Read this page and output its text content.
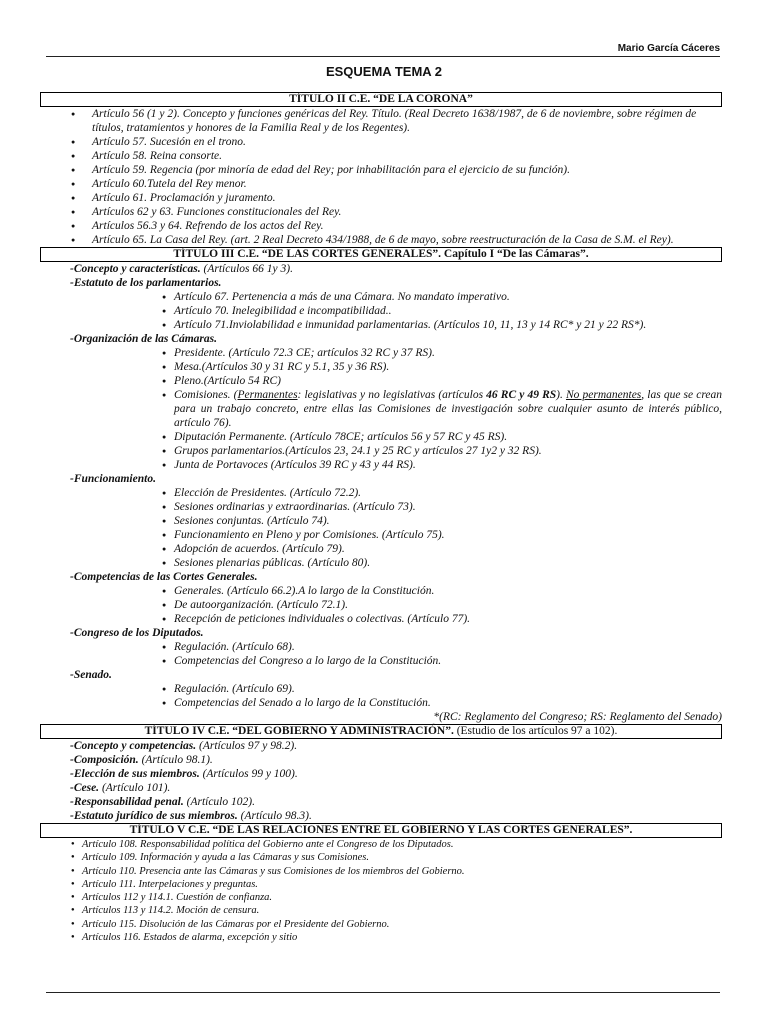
Mario García Cáceres
ESQUEMA TEMA 2
TÍTULO II C.E. “DE LA CORONA”
● Artículo 56 (1 y 2). Concepto y funciones genéricas del Rey. Título. (Real Decreto 1638/1987, de 6 de noviembre, sobre régimen de títulos, tratamientos y honores de la Familia Real y de los Regentes).
● Artículo 57. Sucesión en el trono.
● Artículo 58. Reina consorte.
● Artículo 59. Regencia (por minoría de edad del Rey; por inhabilitación para el ejercicio de su función).
● Artículo 60.Tutela del Rey menor.
● Artículo 61. Proclamación y juramento.
● Artículos 62 y 63. Funciones constitucionales del Rey.
● Artículos 56.3 y 64. Refrendo de los actos del Rey.
● Artículo 65. La Casa del Rey. (art. 2 Real Decreto 434/1988, de 6 de mayo, sobre reestructuración de la Casa de S.M. el Rey).
TÍTULO III C.E. “DE LAS CORTES GENERALES”. Capítulo I “De las Cámaras”.
-Concepto y características. (Artículos 66 1y 3).
-Estatuto de los parlamentarios.
● Artículo 67. Pertenencia a más de una Cámara. No mandato imperativo.
● Artículo 70. Inelegibilidad e incompatibilidad..
● Artículo 71.Inviolabilidad e inmunidad parlamentarias. (Artículos 10, 11, 13 y 14 RC* y 21 y 22 RS*).
-Organización de las Cámaras.
● Presidente. (Artículo 72.3 CE; artículos 32 RC y 37 RS).
● Mesa.(Artículos 30 y 31 RC y 5.1, 35 y 36 RS).
● Pleno.(Artículo 54 RC)
● Comisiones. (Permanentes: legislativas y no legislativas (artículos 46 RC y 49 RS). No permanentes, las que se crean para un trabajo concreto, entre ellas las Comisiones de investigación sobre cualquier asunto de interés público, artículo 76).
● Diputación Permanente. (Artículo 78CE; artículos 56 y 57 RC y 45 RS).
● Grupos parlamentarios.(Artículos 23, 24.1 y 25 RC y artículos 27 1y2 y 32 RS).
● Junta de Portavoces (Artículos 39 RC y 43 y 44 RS).
-Funcionamiento.
● Elección de Presidentes. (Artículo 72.2).
● Sesiones ordinarias y extraordinarias. (Artículo 73).
● Sesiones conjuntas. (Artículo 74).
● Funcionamiento en Pleno y por Comisiones. (Artículo 75).
● Adopción de acuerdos. (Artículo 79).
● Sesiones plenarias públicas. (Artículo 80).
-Competencias de las Cortes Generales.
● Generales. (Artículo 66.2).A lo largo de la Constitución.
● De autoorganización. (Artículo 72.1).
● Recepción de peticiones individuales o colectivas. (Artículo 77).
-Congreso de los Diputados.
● Regulación. (Artículo 68).
● Competencias del Congreso a lo largo de la Constitución.
-Senado.
● Regulación. (Artículo 69).
● Competencias del Senado a lo largo de la Constitución.
*(RC: Reglamento del Congreso; RS: Reglamento del Senado)
TÍTULO IV C.E. “DEL GOBIERNO Y ADMINISTRACIÓN”. (Estudio de los artículos 97 a 102).
-Concepto y competencias. (Artículos 97 y 98.2).
-Composición. (Artículo 98.1).
-Elección de sus miembros. (Artículos 99 y 100).
-Cese. (Artículo 101).
-Responsabilidad penal. (Artículo 102).
-Estatuto jurídico de sus miembros. (Artículo 98.3).
TÍTULO V C.E. “DE LAS RELACIONES ENTRE EL GOBIERNO Y LAS CORTES GENERALES”.
● Artículo 108. Responsabilidad política del Gobierno ante el Congreso de los Diputados.
● Artículo 109. Información y ayuda a las Cámaras y sus Comisiones.
● Artículo 110. Presencia ante las Cámaras y sus Comisiones de los miembros del Gobierno.
● Artículo 111. Interpelaciones y preguntas.
● Artículos 112 y 114.1. Cuestión de confianza.
● Artículos 113 y 114.2. Moción de censura.
● Artículo 115. Disolución de las Cámaras por el Presidente del Gobierno.
● Artículos 116. Estados de alarma, excepción y sitio
